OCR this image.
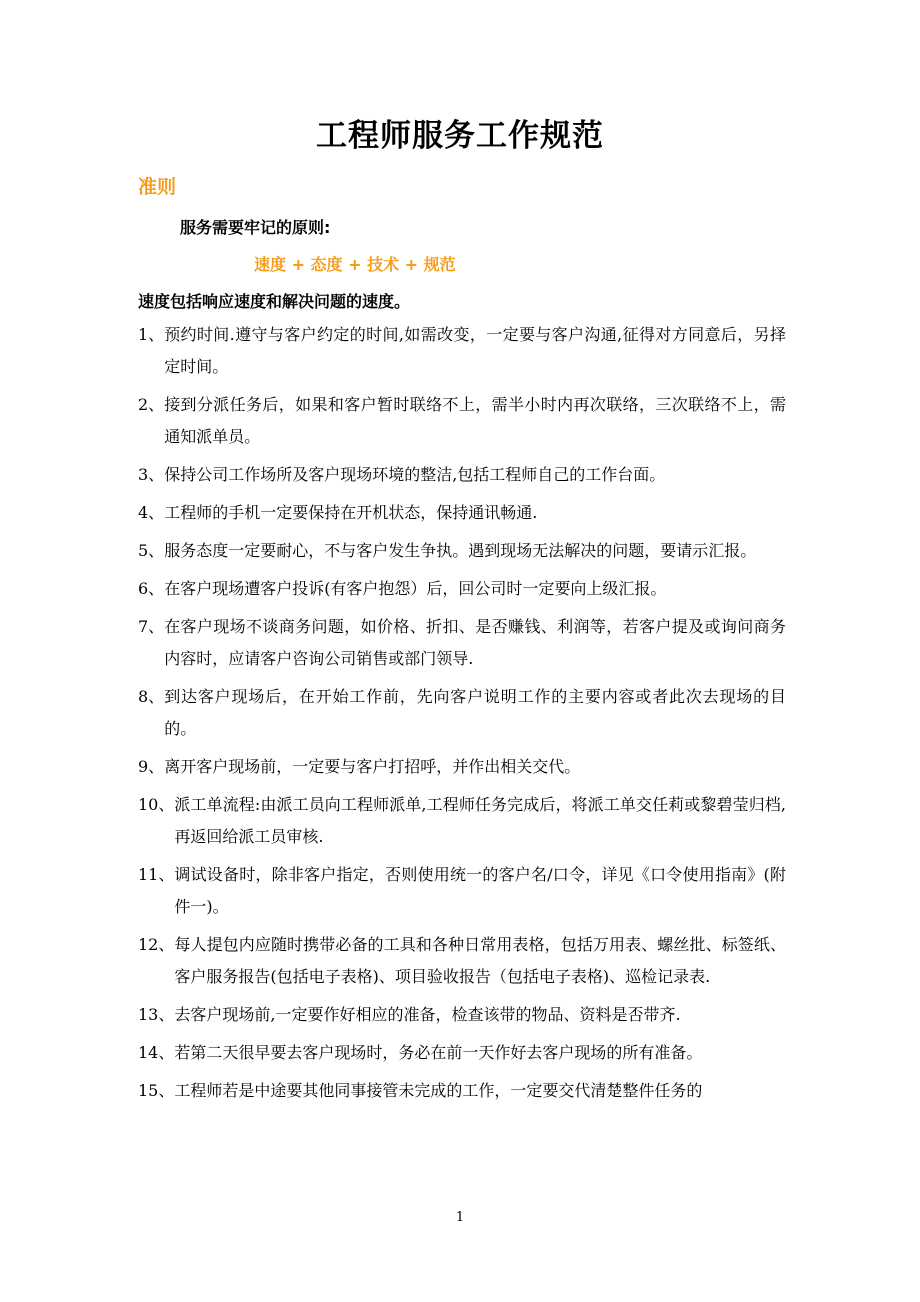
工程师服务工作规范
准则
服务需要牢记的原则:
速度 + 态度 + 技术 + 规范
速度包括响应速度和解决问题的速度。
1、 预约时间.遵守与客户约定的时间,如需改变，一定要与客户沟通,征得对方同意后，另择定时间。
2、 接到分派任务后，如果和客户暂时联络不上，需半小时内再次联络，三次联络不上，需通知派单员。
3、 保持公司工作场所及客户现场环境的整洁,包括工程师自己的工作台面。
4、 工程师的手机一定要保持在开机状态，保持通讯畅通.
5、 服务态度一定要耐心，不与客户发生争执。遇到现场无法解决的问题，要请示汇报。
6、 在客户现场遭客户投诉(有客户抱怨）后，回公司时一定要向上级汇报。
7、 在客户现场不谈商务问题，如价格、折扣、是否赚钱、利润等，若客户提及或询问商务内容时，应请客户咨询公司销售或部门领导.
8、 到达客户现场后，在开始工作前，先向客户说明工作的主要内容或者此次去现场的目的。
9、 离开客户现场前，一定要与客户打招呼，并作出相关交代。
10、 派工单流程:由派工员向工程师派单,工程师任务完成后，将派工单交任莉或黎碧莹归档,再返回给派工员审核.
11、 调试设备时，除非客户指定，否则使用统一的客户名/口令，详见《口令使用指南》(附件一)。
12、 每人提包内应随时携带必备的工具和各种日常用表格，包括万用表、螺丝批、标签纸、客户服务报告(包括电子表格)、项目验收报告（包括电子表格)、巡检记录表.
13、 去客户现场前,一定要作好相应的准备，检查该带的物品、资料是否带齐.
14、 若第二天很早要去客户现场时，务必在前一天作好去客户现场的所有准备。
15、 工程师若是中途要其他同事接管未完成的工作，一定要交代清楚整件任务的
1
